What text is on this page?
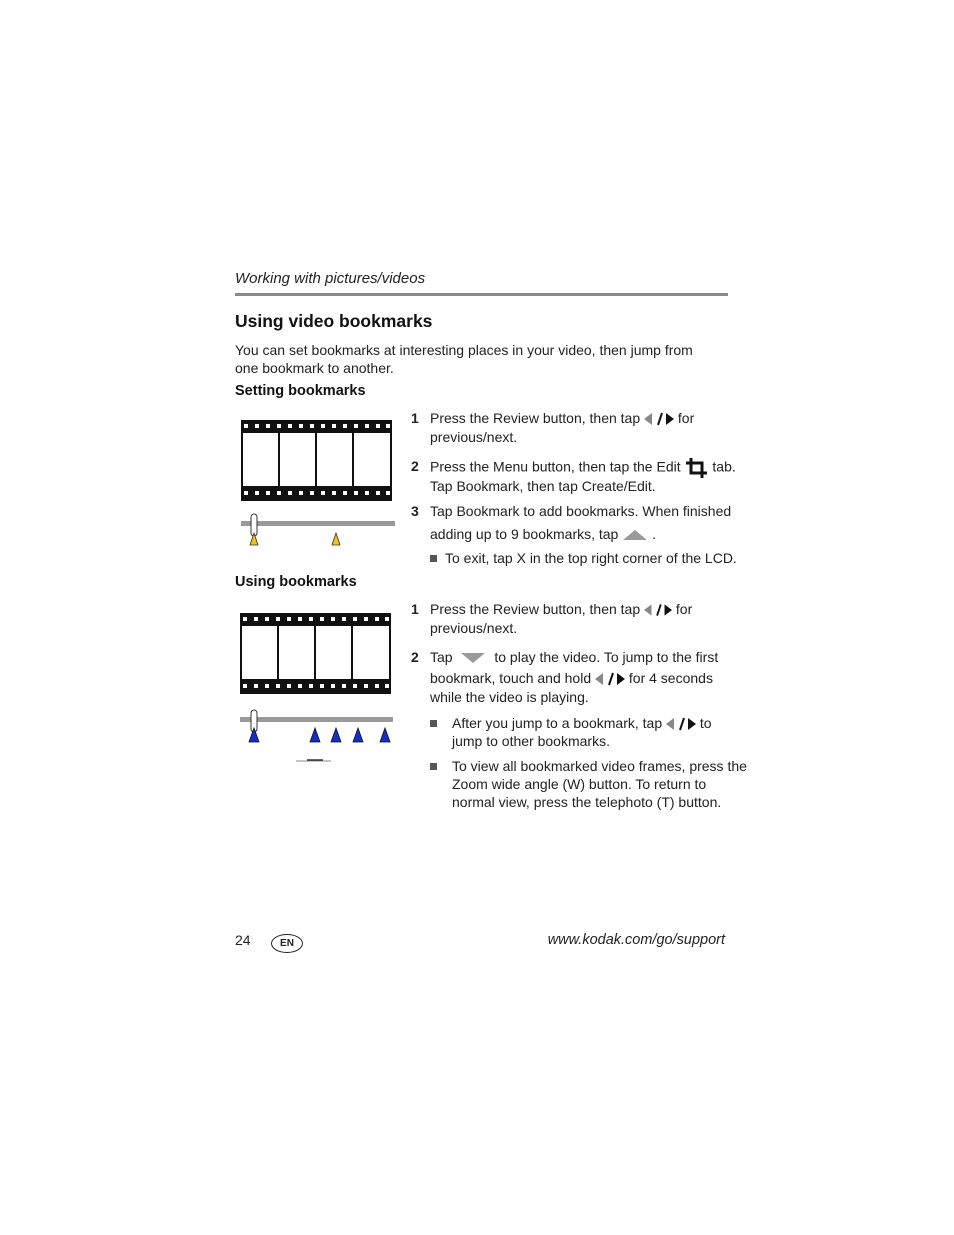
Working with pictures/videos
Using video bookmarks
You can set bookmarks at interesting places in your video, then jump from one bookmark to another.
Setting bookmarks
1 Press the Review button, then tap	for
previous/next.
2 Press the Menu button, then tap the Edit tab.
Tap Bookmark, then tap Create/Edit.
3 Tap Bookmark to add bookmarks. When finished
adding up to 9 bookmarks, tap .
To exit, tap X in the top right corner of the LCD.
Using bookmarks
1 Press the Review button, then tap	for
previous/next.
2 Tap	to play the video. To jump to the first
bookmark, touch and hold	for 4 seconds
while the video is playing.
After you jump to a bookmark, tap	to
jump to other bookmarks.
To view all bookmarked video frames, press the
Zoom wide angle (W) button. To return to
normal view, press the telephoto (T) button.
24	EN	www.kodak.com/go/support
